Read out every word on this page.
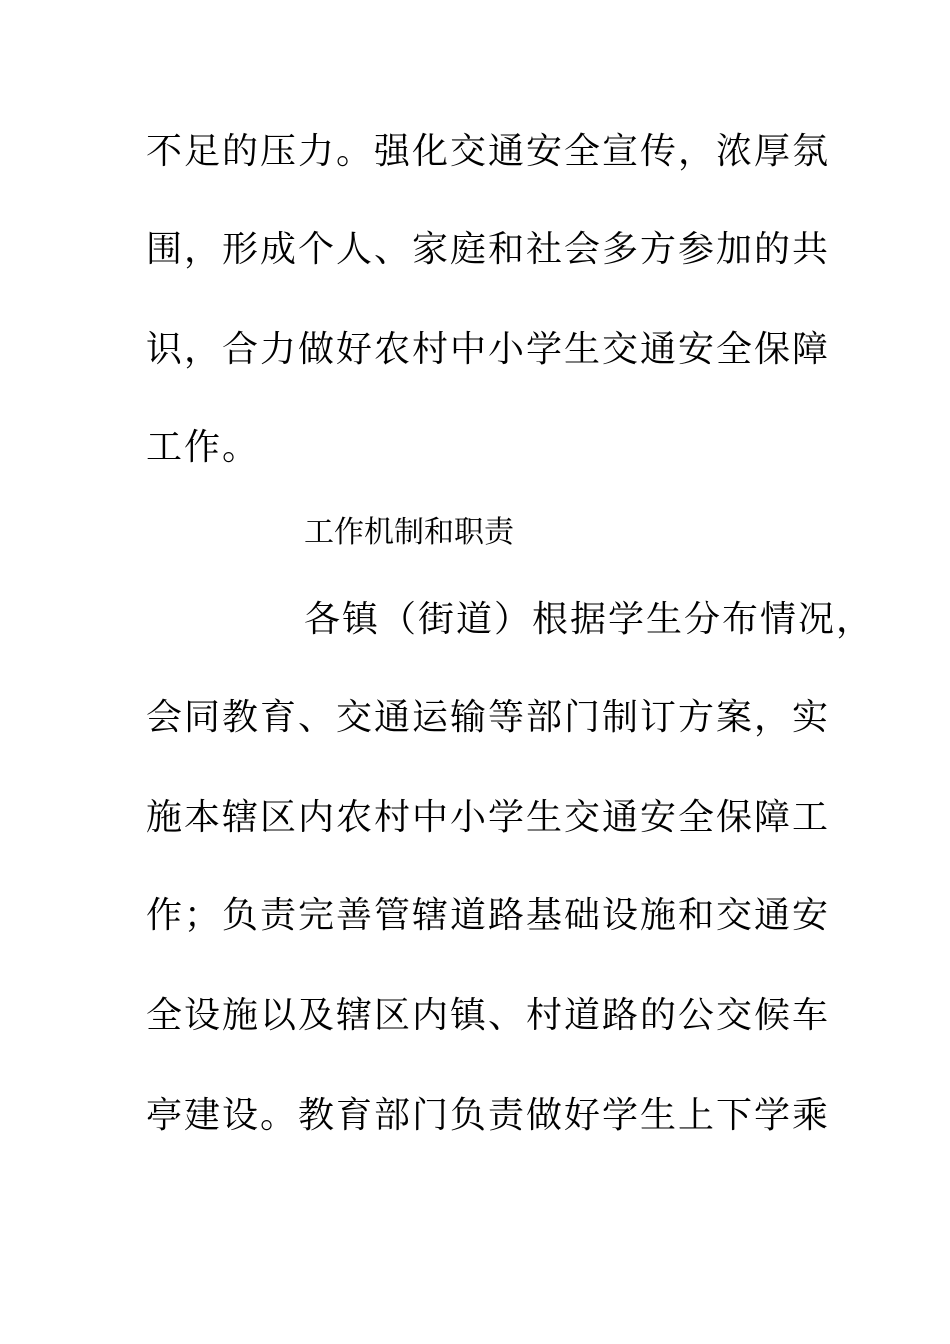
不足的压力。强化交通安全宣传，浓厚氛
围，形成个人、家庭和社会多方参加的共
识，合力做好农村中小学生交通安全保障
工作。
工作机制和职责
各镇（街道）根据学生分布情况，
会同教育、交通运输等部门制订方案，实
施本辖区内农村中小学生交通安全保障工
作；负责完善管辖道路基础设施和交通安
全设施以及辖区内镇、村道路的公交候车
亭建设。教育部门负责做好学生上下学乘
